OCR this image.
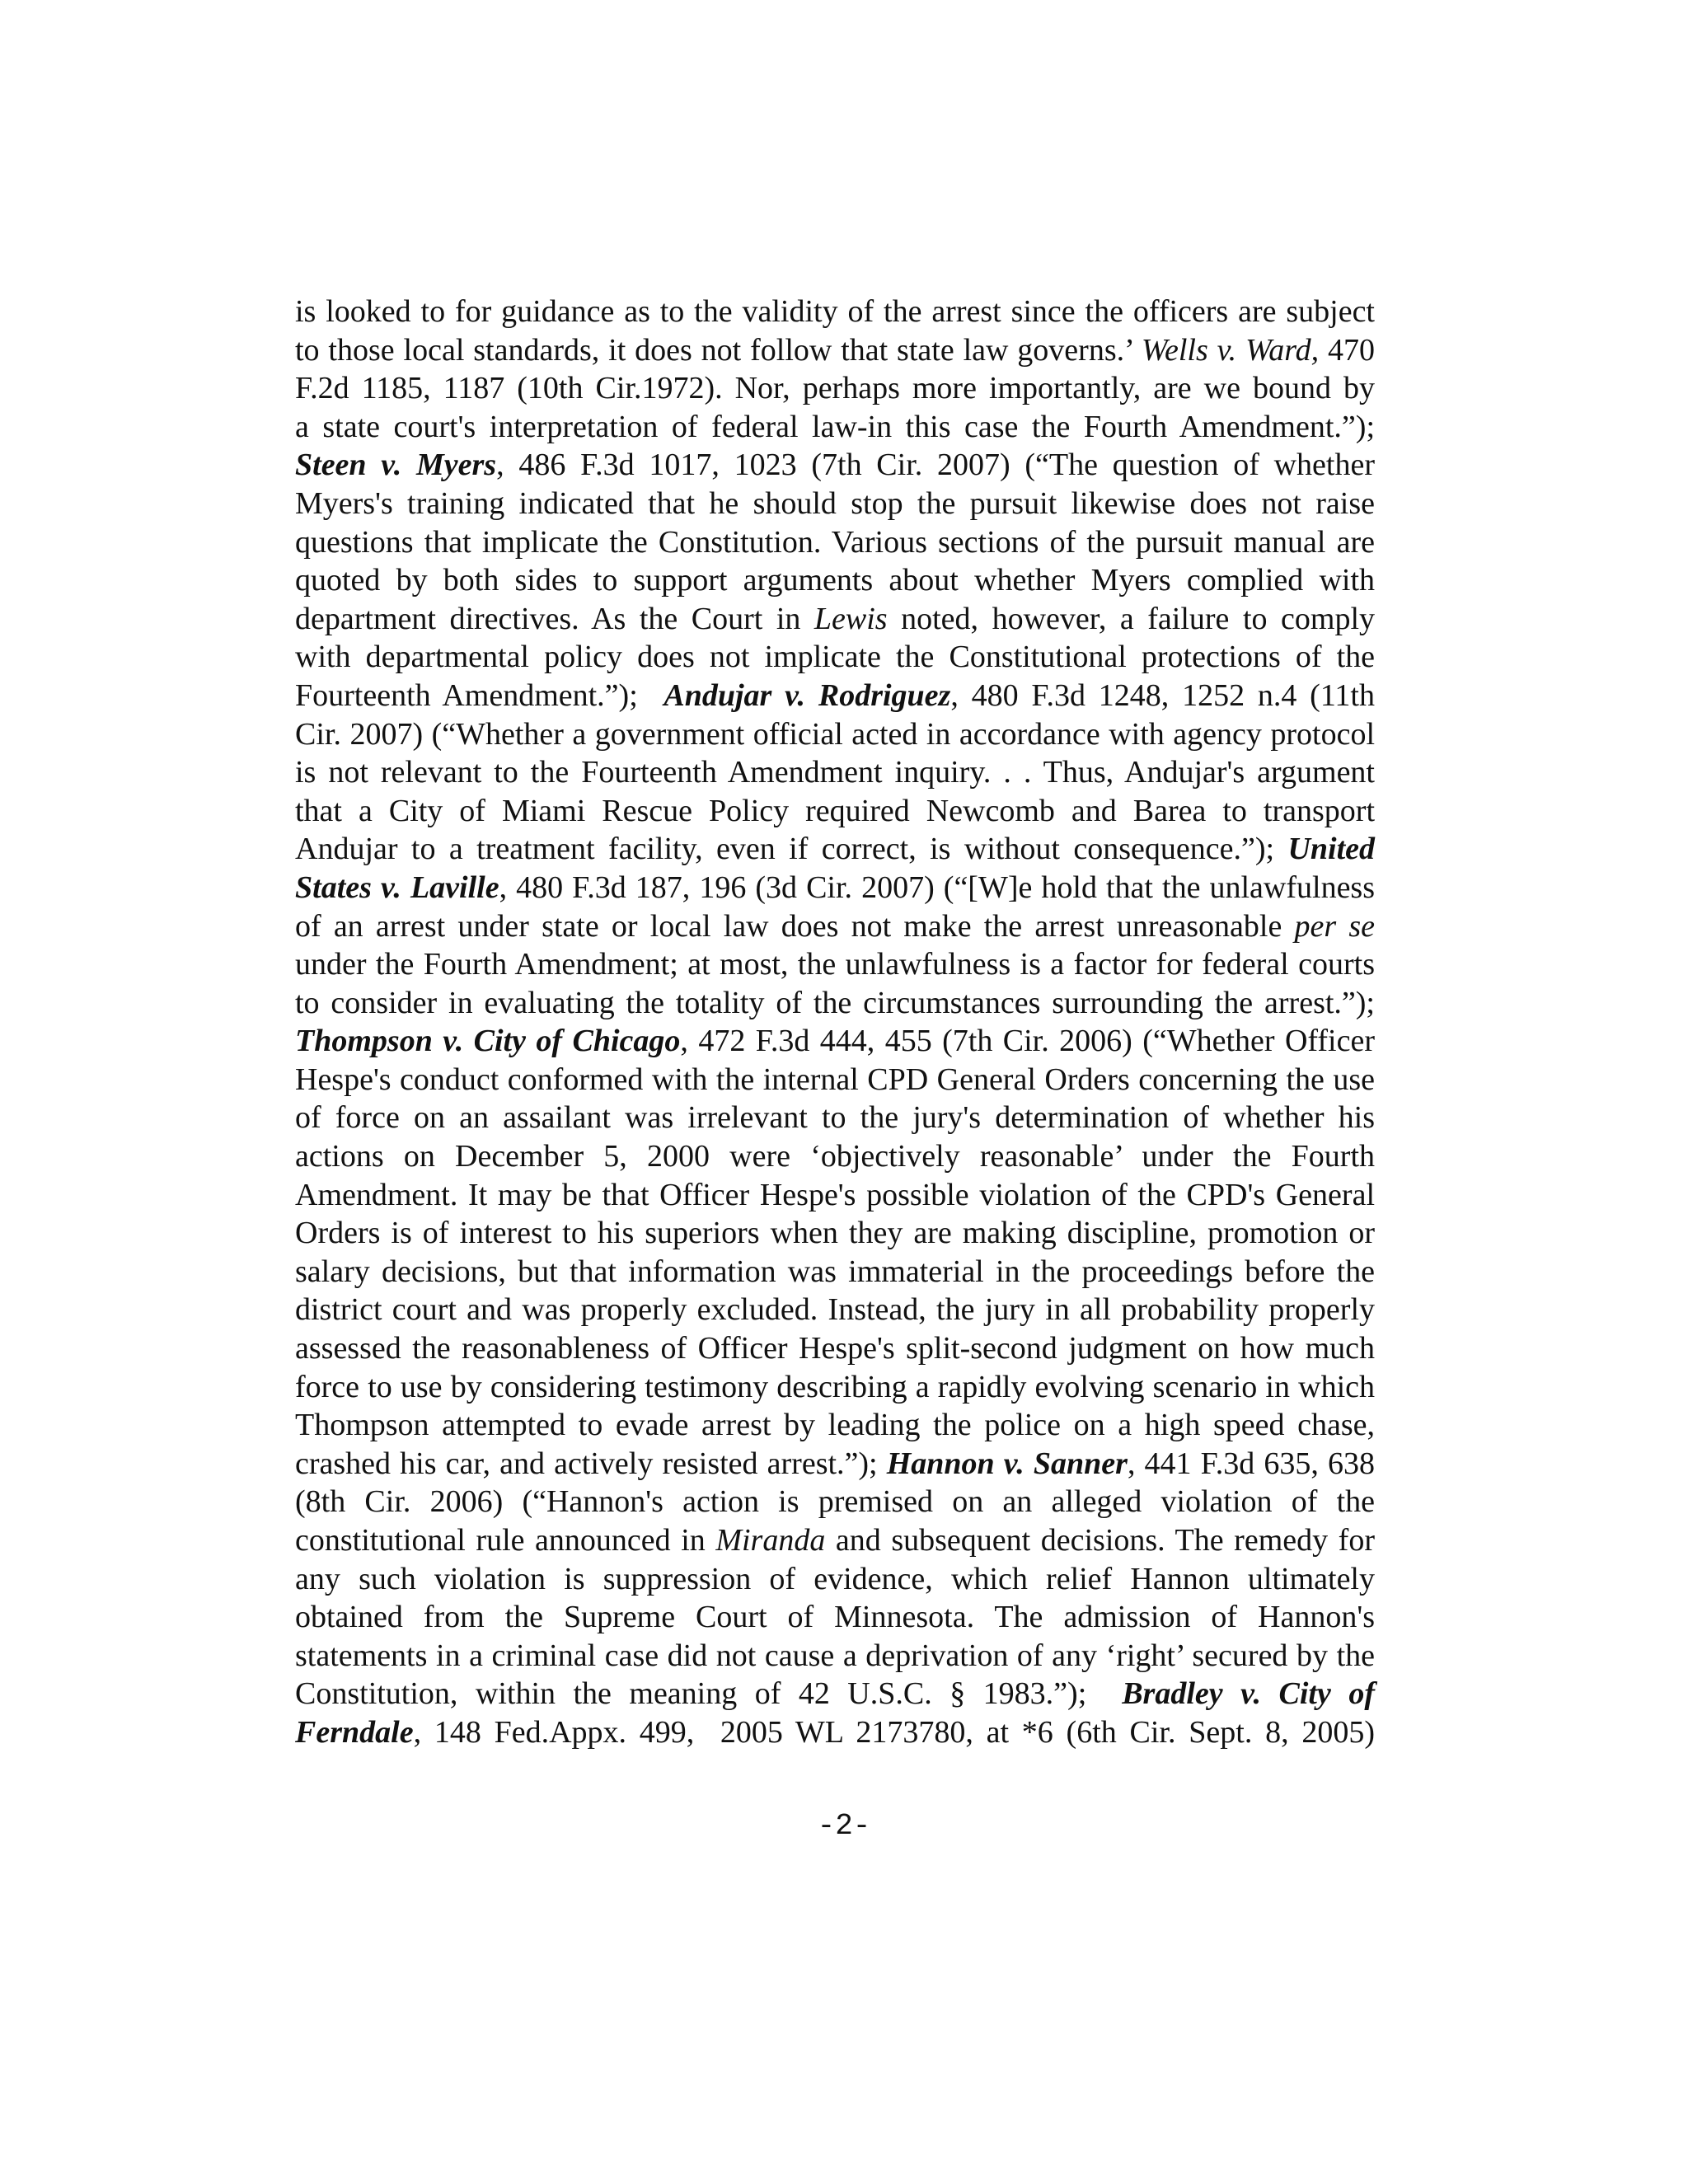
is looked to for guidance as to the validity of the arrest since the officers are subject
to those local standards, it does not follow that state law governs.’ Wells v. Ward, 470
F.2d 1185, 1187 (10th Cir.1972). Nor, perhaps more importantly, are we bound by
a state court's interpretation of federal law-in this case the Fourth Amendment.”);
Steen v. Myers, 486 F.3d 1017, 1023 (7th Cir. 2007) (“The question of whether
Myers's training indicated that he should stop the pursuit likewise does not raise
questions that implicate the Constitution. Various sections of the pursuit manual are
quoted by both sides to support arguments about whether Myers complied with
department directives. As the Court in Lewis noted, however, a failure to comply
with departmental policy does not implicate the Constitutional protections of the
Fourteenth Amendment.”);  Andujar v. Rodriguez, 480 F.3d 1248, 1252 n.4 (11th
Cir. 2007) (“Whether a government official acted in accordance with agency protocol
is not relevant to the Fourteenth Amendment inquiry. . . Thus, Andujar's argument
that a City of Miami Rescue Policy required Newcomb and Barea to transport
Andujar to a treatment facility, even if correct, is without consequence.”); United
States v. Laville, 480 F.3d 187, 196 (3d Cir. 2007) (“[W]e hold that the unlawfulness
of an arrest under state or local law does not make the arrest unreasonable per se
under the Fourth Amendment; at most, the unlawfulness is a factor for federal courts
to consider in evaluating the totality of the circumstances surrounding the arrest.”);
Thompson v. City of Chicago, 472 F.3d 444, 455 (7th Cir. 2006) (“Whether Officer
Hespe's conduct conformed with the internal CPD General Orders concerning the use
of force on an assailant was irrelevant to the jury's determination of whether his
actions on December 5, 2000 were ‘objectively reasonable’ under the Fourth
Amendment. It may be that Officer Hespe's possible violation of the CPD's General
Orders is of interest to his superiors when they are making discipline, promotion or
salary decisions, but that information was immaterial in the proceedings before the
district court and was properly excluded. Instead, the jury in all probability properly
assessed the reasonableness of Officer Hespe's split-second judgment on how much
force to use by considering testimony describing a rapidly evolving scenario in which
Thompson attempted to evade arrest by leading the police on a high speed chase,
crashed his car, and actively resisted arrest.”); Hannon v. Sanner, 441 F.3d 635, 638
(8th Cir. 2006) (“Hannon's action is premised on an alleged violation of the
constitutional rule announced in Miranda and subsequent decisions. The remedy for
any such violation is suppression of evidence, which relief Hannon ultimately
obtained from the Supreme Court of Minnesota. The admission of Hannon's
statements in a criminal case did not cause a deprivation of any ‘right’ secured by the
Constitution, within the meaning of 42 U.S.C. § 1983.”);  Bradley v. City of
Ferndale, 148 Fed.Appx. 499,  2005 WL 2173780, at *6 (6th Cir. Sept. 8, 2005)
-2-
